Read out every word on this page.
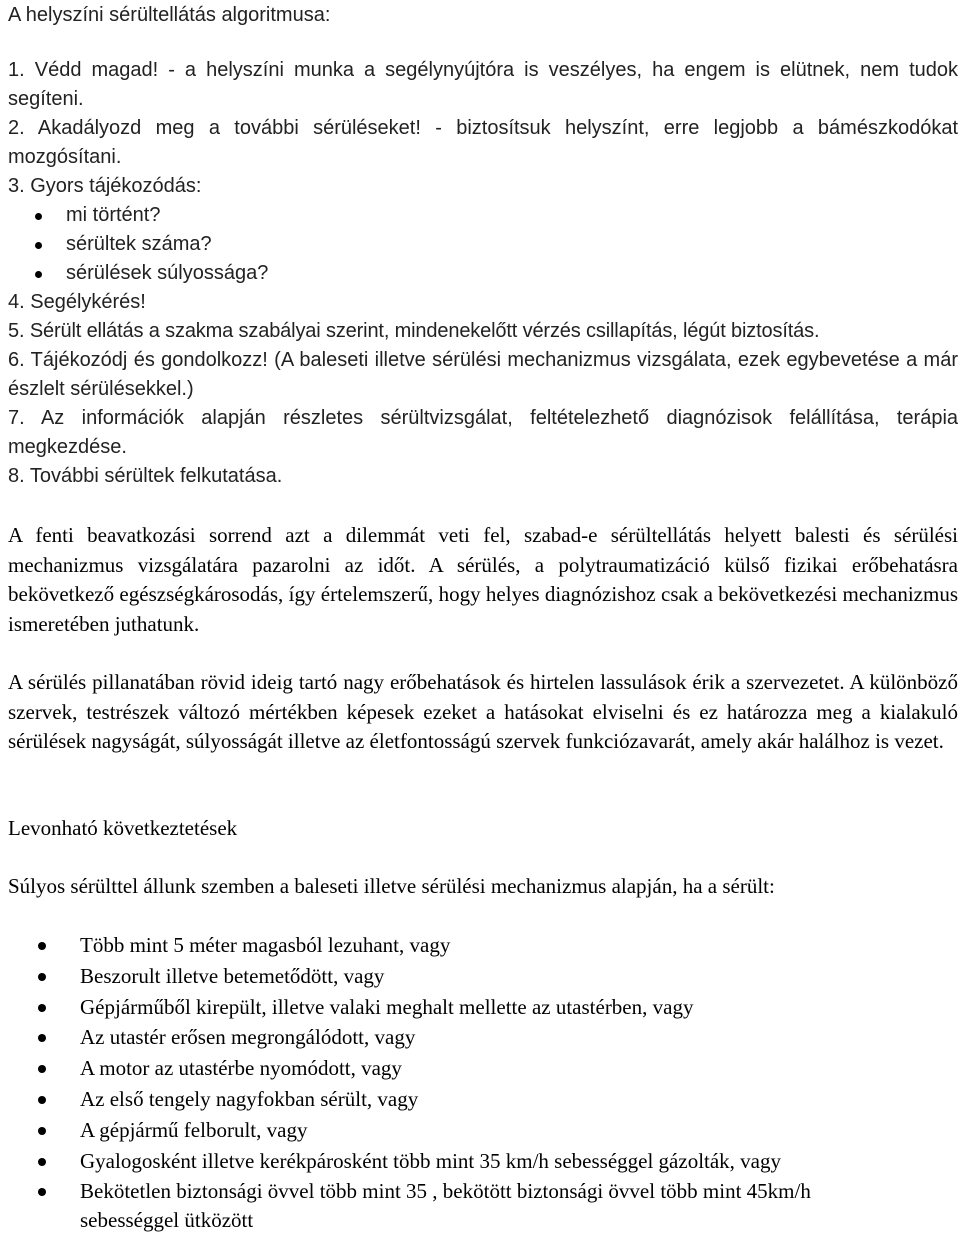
A helyszíni sérültellátás algoritmusa:

1. Védd magad! - a helyszíni munka a segélynyújtóra is veszélyes, ha engem is elütnek, nem tudok segíteni.

2. Akadályozd meg a további sérüléseket! - biztosítsuk helyszínt, erre legjobb a bámészkodókat mozgósítani.

3. Gyors tájékozódás:

mi történt?
sérültek száma?
sérülések súlyossága?

4. Segélykérés!

5. Sérült ellátás a szakma szabályai szerint, mindenekelőtt vérzés csillapítás, légút biztosítás.

6. Tájékozódj és gondolkozz! (A baleseti illetve sérülési mechanizmus vizsgálata, ezek egybevetése a már észlelt sérülésekkel.)

7. Az információk alapján részletes sérültvizsgálat, feltételezhető diagnózisok felállítása, terápia megkezdése.

8. További sérültek felkutatása.

A fenti beavatkozási sorrend azt a dilemmát veti fel, szabad-e sérültellátás helyett balesti és sérülési mechanizmus vizsgálatára pazarolni az időt. A sérülés, a polytraumatizáció külső fizikai erőbehatásra bekövetkező egészségkárosodás, így értelemszerű, hogy helyes diagnózishoz csak a bekövetkezési mechanizmus ismeretében juthatunk.

A sérülés pillanatában rövid ideig tartó nagy erőbehatások és hirtelen lassulások érik a szervezetet. A különböző szervek, testrészek változó mértékben képesek ezeket a hatásokat elviselni és ez határozza meg a kialakuló sérülések nagyságát, súlyosságát illetve az életfontosságú szervek funkciózavarát, amely akár halálhoz is vezet.

Levonható következtetések

Súlyos sérülttel állunk szemben a baleseti illetve sérülési mechanizmus alapján, ha a sérült:

Több mint 5 méter magasból lezuhant, vagy
Beszorult illetve betemetődött, vagy
Gépjárműből kirepült, illetve valaki meghalt mellette az utastérben, vagy
Az utastér erősen megrongálódott, vagy
A motor az utastérbe nyomódott, vagy
Az első tengely nagyfokban sérült, vagy
A gépjármű felborult, vagy
Gyalogosként illetve kerékpárosként több mint 35 km/h sebességgel gázolták, vagy
Bekötetlen biztonsági övvel több mint 35 , bekötött biztonsági övvel több mint 45km/h sebességgel ütközött
